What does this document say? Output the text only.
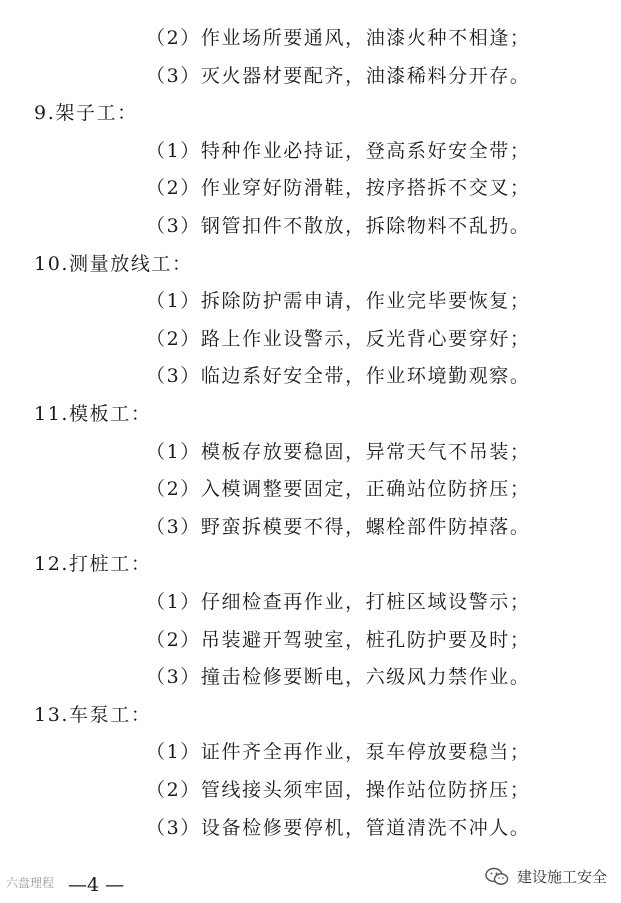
（2）作业场所要通风，油漆火种不相逢；
（3）灭火器材要配齐，油漆稀料分开存。
9.架子工：
（1）特种作业必持证，登高系好安全带；
（2）作业穿好防滑鞋，按序搭拆不交叉；
（3）钢管扣件不散放，拆除物料不乱扔。
10.测量放线工：
（1）拆除防护需申请，作业完毕要恢复；
（2）路上作业设警示，反光背心要穿好；
（3）临边系好安全带，作业环境勤观察。
11.模板工：
（1）模板存放要稳固，异常天气不吊装；
（2）入模调整要固定，正确站位防挤压；
（3）野蛮拆模要不得，螺栓部件防掉落。
12.打桩工：
（1）仔细检查再作业，打桩区域设警示；
（2）吊装避开驾驶室，桩孔防护要及时；
（3）撞击检修要断电，六级风力禁作业。
13.车泵工：
（1）证件齐全再作业，泵车停放要稳当；
（2）管线接头须牢固，操作站位防挤压；
（3）设备检修要停机，管道清洗不冲人。
六盘理程 —4 —	建设施工安全
